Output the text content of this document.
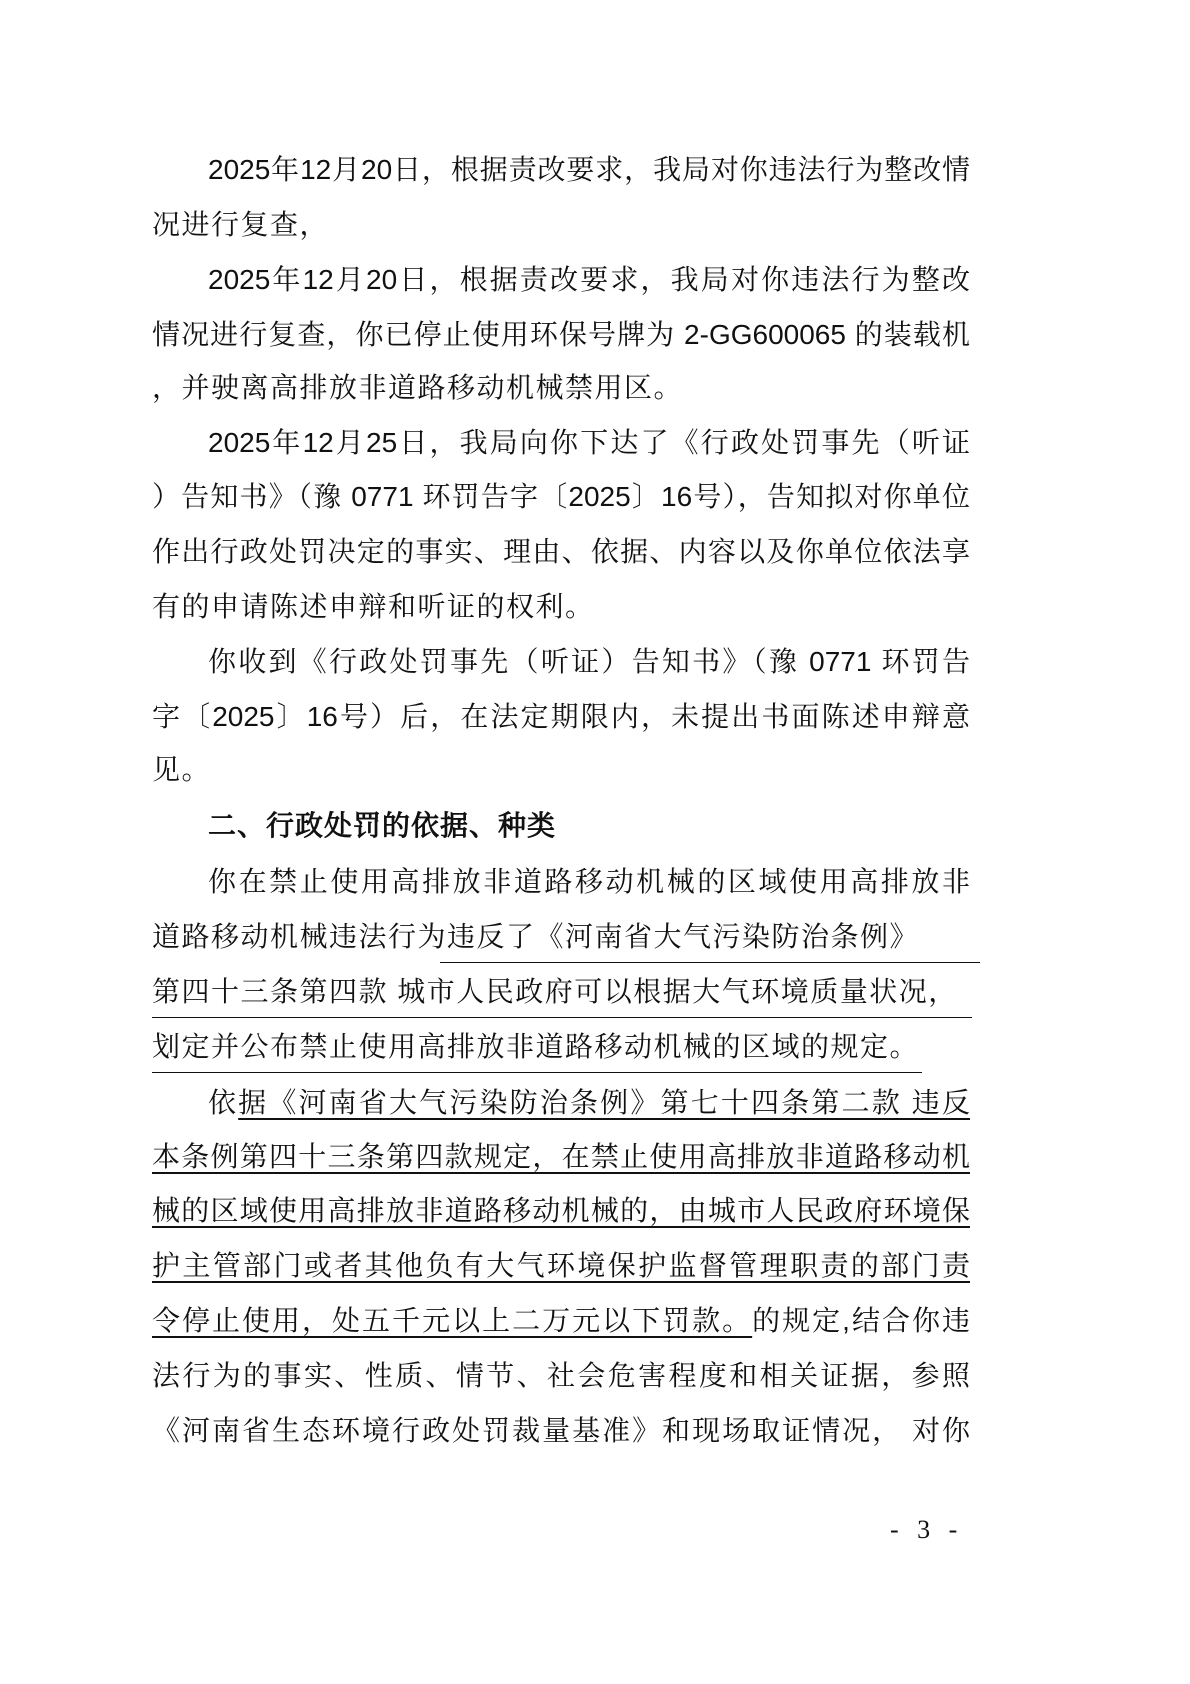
2025年12月20日，根据责改要求，我局对你违法行为整改情
况进行复查，
2025年12月20日，根据责改要求，我局对你违法行为整改
情况进行复查，你已停止使用环保号牌为 2-GG600065 的装载机
，并驶离高排放非道路移动机械禁用区。
2025年12月25日，我局向你下达了《行政处罚事先（听证
）告知书》（豫 0771 环罚告字〔2025〕16号），告知拟对你单位
作出行政处罚决定的事实、理由、依据、内容以及你单位依法享
有的申请陈述申辩和听证的权利。
你收到《行政处罚事先（听证）告知书》（豫 0771 环罚告
字〔2025〕16号）后，在法定期限内，未提出书面陈述申辩意
见。
二、行政处罚的依据、种类
你在禁止使用高排放非道路移动机械的区域使用高排放非
道路移动机械违法行为违反了《河南省大气污染防治条例》
第四十三条第四款 城市人民政府可以根据大气环境质量状况，
划定并公布禁止使用高排放非道路移动机械的区域的规定。
依据《河南省大气污染防治条例》第七十四条第二款 违反
本条例第四十三条第四款规定，在禁止使用高排放非道路移动机
械的区域使用高排放非道路移动机械的，由城市人民政府环境保
护主管部门或者其他负有大气环境保护监督管理职责的部门责
令停止使用，处五千元以上二万元以下罚款。的规定,结合你违
法行为的事实、性质、情节、社会危害程度和相关证据，参照
《河南省生态环境行政处罚裁量基准》和现场取证情况， 对你
- 3 -
